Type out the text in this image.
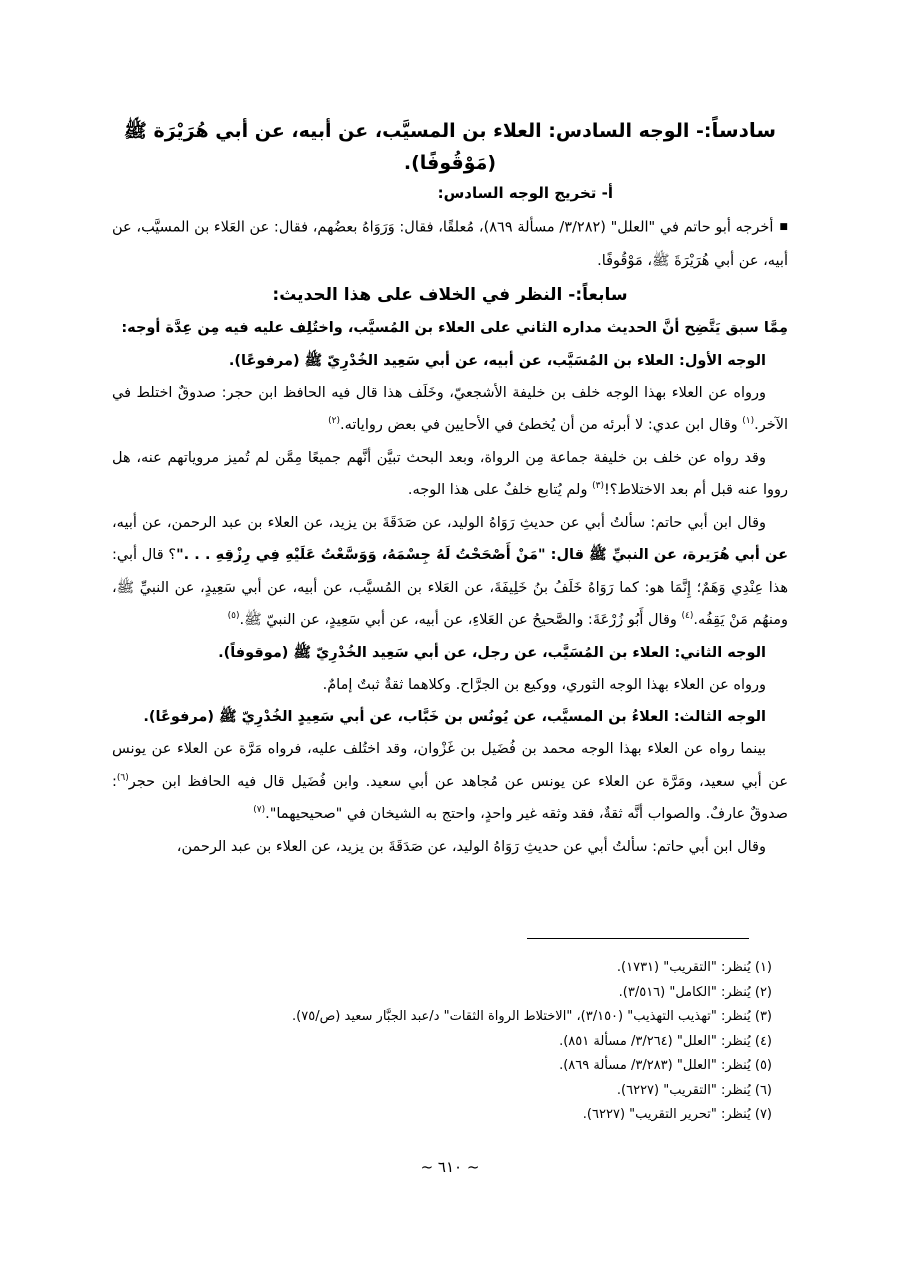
سادساً:- الوجه السادس: العلاء بن المسيَّب، عن أبيه، عن أبي هُرَيْرَة ﷺ (مَوْقُوفًا).

أ- تخريج الوجه السادس:

■أخرجه أبو حاتم في "العلل" (٣/٢٨٢/ مسألة ٨٦٩)، مُعلقًا، فقال: وَرَوَاهُ بعضُهم، فقال: عن العَلاء بن المسيَّب، عن أبيه، عن أبي هُرَيْرَةَ ﷺ، مَوْقُوفًا.

سابعاً:- النظر في الخلاف على هذا الحديث:

مِمَّا سبق يَتَّضِح أنَّ الحديث مداره الثاني على العلاء بن المُسيَّب، واختُلِف عليه فيه مِن عِدَّة أوجه:

الوجه الأول: العلاء بن المُسَيَّب، عن أبيه، عن أبي سَعِيد الخُدْرِيّ ﷺ (مرفوعًا).

ورواه عن العلاء بهذا الوجه خلف بن خليفة الأشجعيّ، وخَلَف هذا قال فيه الحافظ ابن حجر: صدوقٌ اختلط في الآخر.$^{(١)}$ وقال ابن عدي: لا أبرئه من أن يُخطئ في الأحايين في بعض رواياته.$^{(٢)}$

وقد رواه عن خلف بن خليفة جماعة مِن الرواة، وبعد البحث تبيَّن أنَّهم جميعًا مِمَّن لم تُميز مروياتهم عنه، هل رووا عنه قبل أم بعد الاختلاط؟!$^{(٣)}$ ولم يُتابع خلفٌ على هذا الوجه.

وقال ابن أبي حاتم: سألتُ أبي عن حديثِ رَوَاهُ الوليد، عن صَدَقَةَ بن يزيد، عن العلاء بن عبد الرحمن، عن أبيه، عن أبي هُرَيرة، عن النبيِّ ﷺ قال: "مَنْ أَصْحَحْتُ لَهُ جِسْمَهُ، وَوَسَّعْتُ عَلَيْهِ فِي رِزْقِهِ . . ."؟ قال أبي: هذا عِنْدِي وَهَمٌ؛ إِنَّمَا هو: كما رَوَاهُ خَلَفُ بنُ خَلِيفَةَ، عن العَلاء بن المُسيَّب، عن أبيه، عن أبي سَعِيدٍ، عن النبيِّ ﷺ، ومنهُم مَنْ يَقِفُه.$^{(٤)}$ وقال أَبُو زُرْعَةَ: والصَّحيحُ عن العَلاءِ، عن أبيه، عن أبي سَعِيدٍ، عن النبيّ ﷺ.$^{(٥)}$

الوجه الثاني: العلاء بن المُسَيَّب، عن رجل، عن أبي سَعِيد الخُدْرِيّ ﷺ (موقوفاً).

ورواه عن العلاء بهذا الوجه الثوري، ووكيع بن الجرَّاح. وكلاهما ثقةٌ ثبتٌ إمامٌ.

الوجه الثالث: العلاءُ بن المسيَّب، عن يُونُس بن خَبَّاب، عن أبي سَعِيدٍ الخُدْرِيّ ﷺ (مرفوعًا).

بينما رواه عن العلاء بهذا الوجه محمد بن فُضَيل بن غَزْوان، وقد اختُلف عليه، فرواه مَرَّة عن العلاء عن يونس عن أبي سعيد، ومَرَّة عن العلاء عن يونس عن مُجاهد عن أبي سعيد. وابن فُضَيل قال فيه الحافظ ابن حجر$^{(٦)}$: صدوقٌ عارفٌ. والصواب أنَّه ثقةٌ، فقد وثقه غير واحدٍ، واحتج به الشيخان في "صحيحيهما".$^{(٧)}$

وقال ابن أبي حاتم: سألتُ أبي عن حديثِ رَوَاهُ الوليد، عن صَدَقَةَ بن يزيد، عن العلاء بن عبد الرحمن،

(١) يُنظر: "التقريب" (١٧٣١).

(٢) يُنظر: "الكامل" (٣/٥١٦).

(٣) يُنظر: "تهذيب التهذيب" (٣/١٥٠)، "الاختلاط الرواة الثقات" د/عبد الجبَّار سعيد (ص/٧٥).

(٤) يُنظر: "العلل" (٣/٢٦٤/ مسألة ٨٥١).

(٥) يُنظر: "العلل" (٣/٢٨٣/ مسألة ٨٦٩).

(٦) يُنظر: "التقريب" (٦٢٢٧).

(٧) يُنظر: "تحرير التقريب" (٦٢٢٧).

~ ٦١٠ ~
